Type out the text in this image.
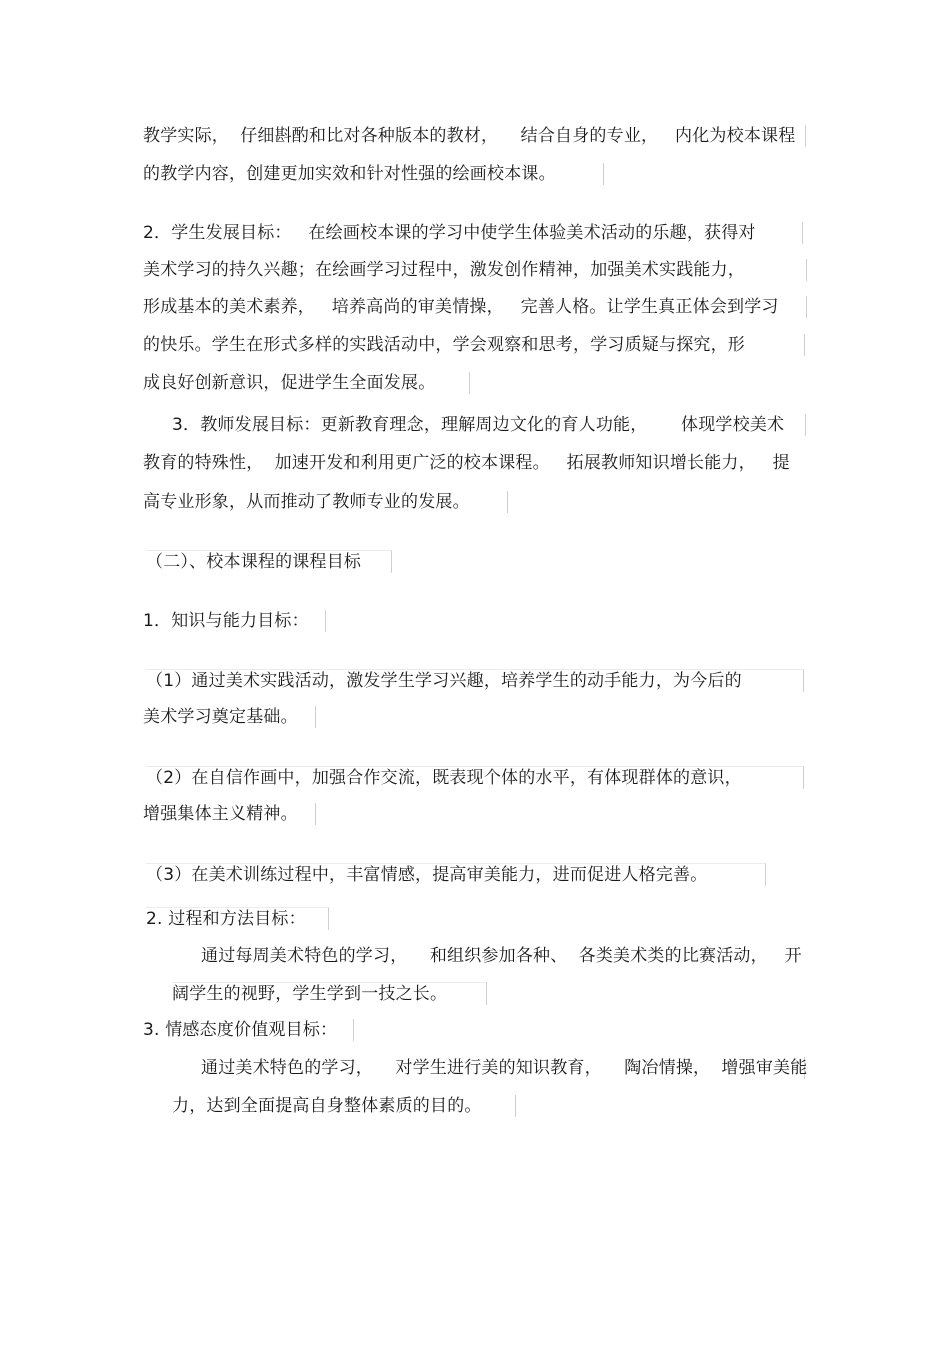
教学实际，  仔细斟酌和比对各种版本的教材，    结合自身的专业，   内化为校本课程
的教学内容，创建更加实效和针对性强的绘画校本课。
2．学生发展目标：   在绘画校本课的学习中使学生体验美术活动的乐趣，获得对
美术学习的持久兴趣；在绘画学习过程中，激发创作精神，加强美术实践能力，
形成基本的美术素养，   培养高尚的审美情操，   完善人格。让学生真正体会到学习
的快乐。学生在形式多样的实践活动中，学会观察和思考，学习质疑与探究，形
成良好创新意识，促进学生全面发展。
3．教师发展目标：更新教育理念，理解周边文化的育人功能，      体现学校美术
教育的特殊性，  加速开发和利用更广泛的校本课程。   拓展教师知识增长能力，   提
高专业形象，从而推动了教师专业的发展。
（二）、校本课程的课程目标
1．知识与能力目标：
（1）通过美术实践活动，激发学生学习兴趣，培养学生的动手能力，为今后的
美术学习奠定基础。
（2）在自信作画中，加强合作交流，既表现个体的水平，有体现群体的意识，
增强集体主义精神。
（3）在美术训练过程中，丰富情感，提高审美能力，进而促进人格完善。
2. 过程和方法目标：
通过每周美术特色的学习，    和组织参加各种、  各类美术类的比赛活动，   开
阔学生的视野，学生学到一技之长。
3. 情感态度价值观目标：
通过美术特色的学习，    对学生进行美的知识教育，    陶冶情操，  增强审美能
力，达到全面提高自身整体素质的目的。
